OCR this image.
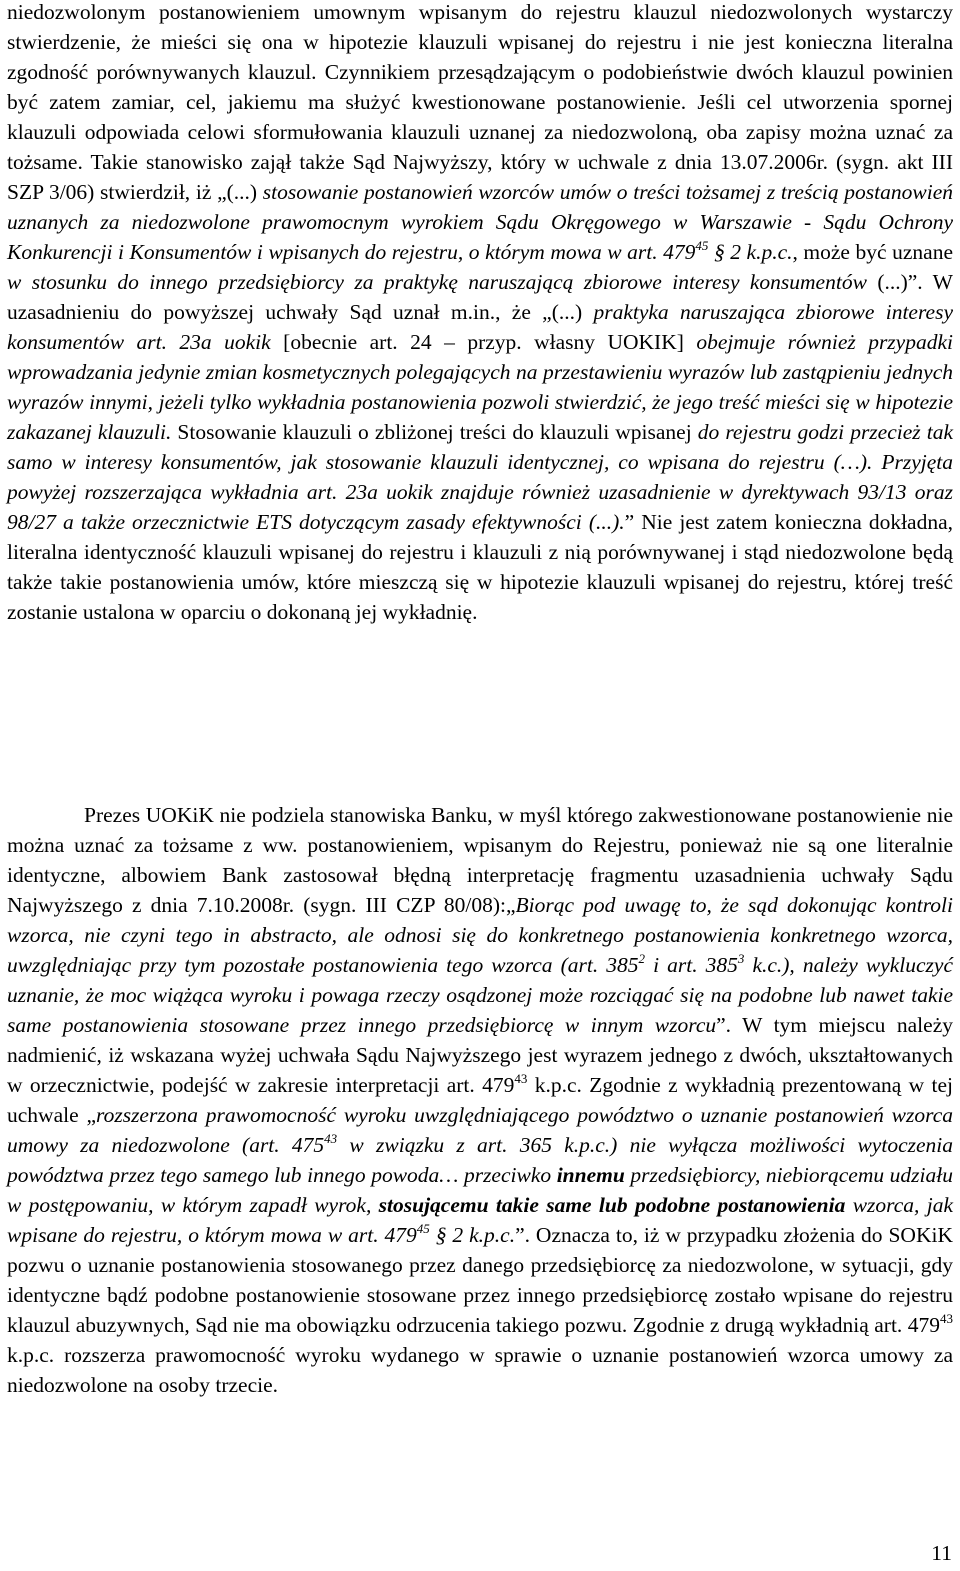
niedozwolonym postanowieniem umownym wpisanym do rejestru klauzul niedozwolonych wystarczy stwierdzenie, że mieści się ona w hipotezie klauzuli wpisanej do rejestru i nie jest konieczna literalna zgodność porównywanych klauzul. Czynnikiem przesądzającym o podobieństwie dwóch klauzul powinien być zatem zamiar, cel, jakiemu ma służyć kwestionowane postanowienie. Jeśli cel utworzenia spornej klauzuli odpowiada celowi sformułowania klauzuli uznanej za niedozwoloną, oba zapisy można uznać za tożsame. Takie stanowisko zajął także Sąd Najwyższy, który w uchwale z dnia 13.07.2006r. (sygn. akt III SZP 3/06) stwierdził, iż „(...) stosowanie postanowień wzorców umów o treści tożsamej z treścią postanowień uznanych za niedozwolone prawomocnym wyrokiem Sądu Okręgowego w Warszawie - Sądu Ochrony Konkurencji i Konsumentów i wpisanych do rejestru, o którym mowa w art. $479^{45}$ § 2 k.p.c., może być uznane w stosunku do innego przedsiębiorcy za praktykę naruszającą zbiorowe interesy konsumentów (...)”. W uzasadnieniu do powyższej uchwały Sąd uznał m.in., że „(...) praktyka naruszająca zbiorowe interesy konsumentów art. 23a uokik [obecnie art. 24 – przyp. własny UOKIK] obejmuje również przypadki wprowadzania jedynie zmian kosmetycznych polegających na przestawieniu wyrazów lub zastąpieniu jednych wyrazów innymi, jeżeli tylko wykładnia postanowienia pozwoli stwierdzić, że jego treść mieści się w hipotezie zakazanej klauzuli. Stosowanie klauzuli o zbliżonej treści do klauzuli wpisanej do rejestru godzi przecież tak samo w interesy konsumentów, jak stosowanie klauzuli identycznej, co wpisana do rejestru (…). Przyjęta powyżej rozszerzająca wykładnia art. 23a uokik znajduje również uzasadnienie w dyrektywach 93/13 oraz 98/27 a także orzecznictwie ETS dotyczącym zasady efektywności (...).” Nie jest zatem konieczna dokładna, literalna identyczność klauzuli wpisanej do rejestru i klauzuli z nią porównywanej i stąd niedozwolone będą także takie postanowienia umów, które mieszczą się w hipotezie klauzuli wpisanej do rejestru, której treść zostanie ustalona w oparciu o dokonaną jej wykładnię.

Prezes UOKiK nie podziela stanowiska Banku, w myśl którego zakwestionowane postanowienie nie można uznać za tożsame z ww. postanowieniem, wpisanym do Rejestru, ponieważ nie są one literalnie identyczne, albowiem Bank zastosował błędną interpretację fragmentu uzasadnienia uchwały Sądu Najwyższego z dnia 7.10.2008r. (sygn. III CZP 80/08):„Biorąc pod uwagę to, że sąd dokonując kontroli wzorca, nie czyni tego in abstracto, ale odnosi się do konkretnego postanowienia konkretnego wzorca, uwzględniając przy tym pozostałe postanowienia tego wzorca (art. $385^2$ i art. $385^3$ k.c.), należy wykluczyć uznanie, że moc wiążąca wyroku i powaga rzeczy osądzonej może rozciągać się na podobne lub nawet takie same postanowienia stosowane przez innego przedsiębiorcę w innym wzorcu”. W tym miejscu należy nadmienić, iż wskazana wyżej uchwała Sądu Najwyższego jest wyrazem jednego z dwóch, ukształtowanych w orzecznictwie, podejść w zakresie interpretacji art. $479^{43}$ k.p.c. Zgodnie z wykładnią prezentowaną w tej uchwale „rozszerzona prawomocność wyroku uwzględniającego powództwo o uznanie postanowień wzorca umowy za niedozwolone (art. $475^{43}$ w związku z art. 365 k.p.c.) nie wyłącza możliwości wytoczenia powództwa przez tego samego lub innego powoda… przeciwko innemu przedsiębiorcy, niebiorącemu udziału w postępowaniu, w którym zapadł wyrok, stosującemu takie same lub podobne postanowienia wzorca, jak wpisane do rejestru, o którym mowa w art. $479^{45}$ § 2 k.p.c.”. Oznacza to, iż w przypadku złożenia do SOKiK pozwu o uznanie postanowienia stosowanego przez danego przedsiębiorcę za niedozwolone, w sytuacji, gdy identyczne bądź podobne postanowienie stosowane przez innego przedsiębiorcę zostało wpisane do rejestru klauzul abuzywnych, Sąd nie ma obowiązku odrzucenia takiego pozwu. Zgodnie z drugą wykładnią art. $479^{43}$ k.p.c. rozszerza prawomocność wyroku wydanego w sprawie o uznanie postanowień wzorca umowy za niedozwolone na osoby trzecie.

11
